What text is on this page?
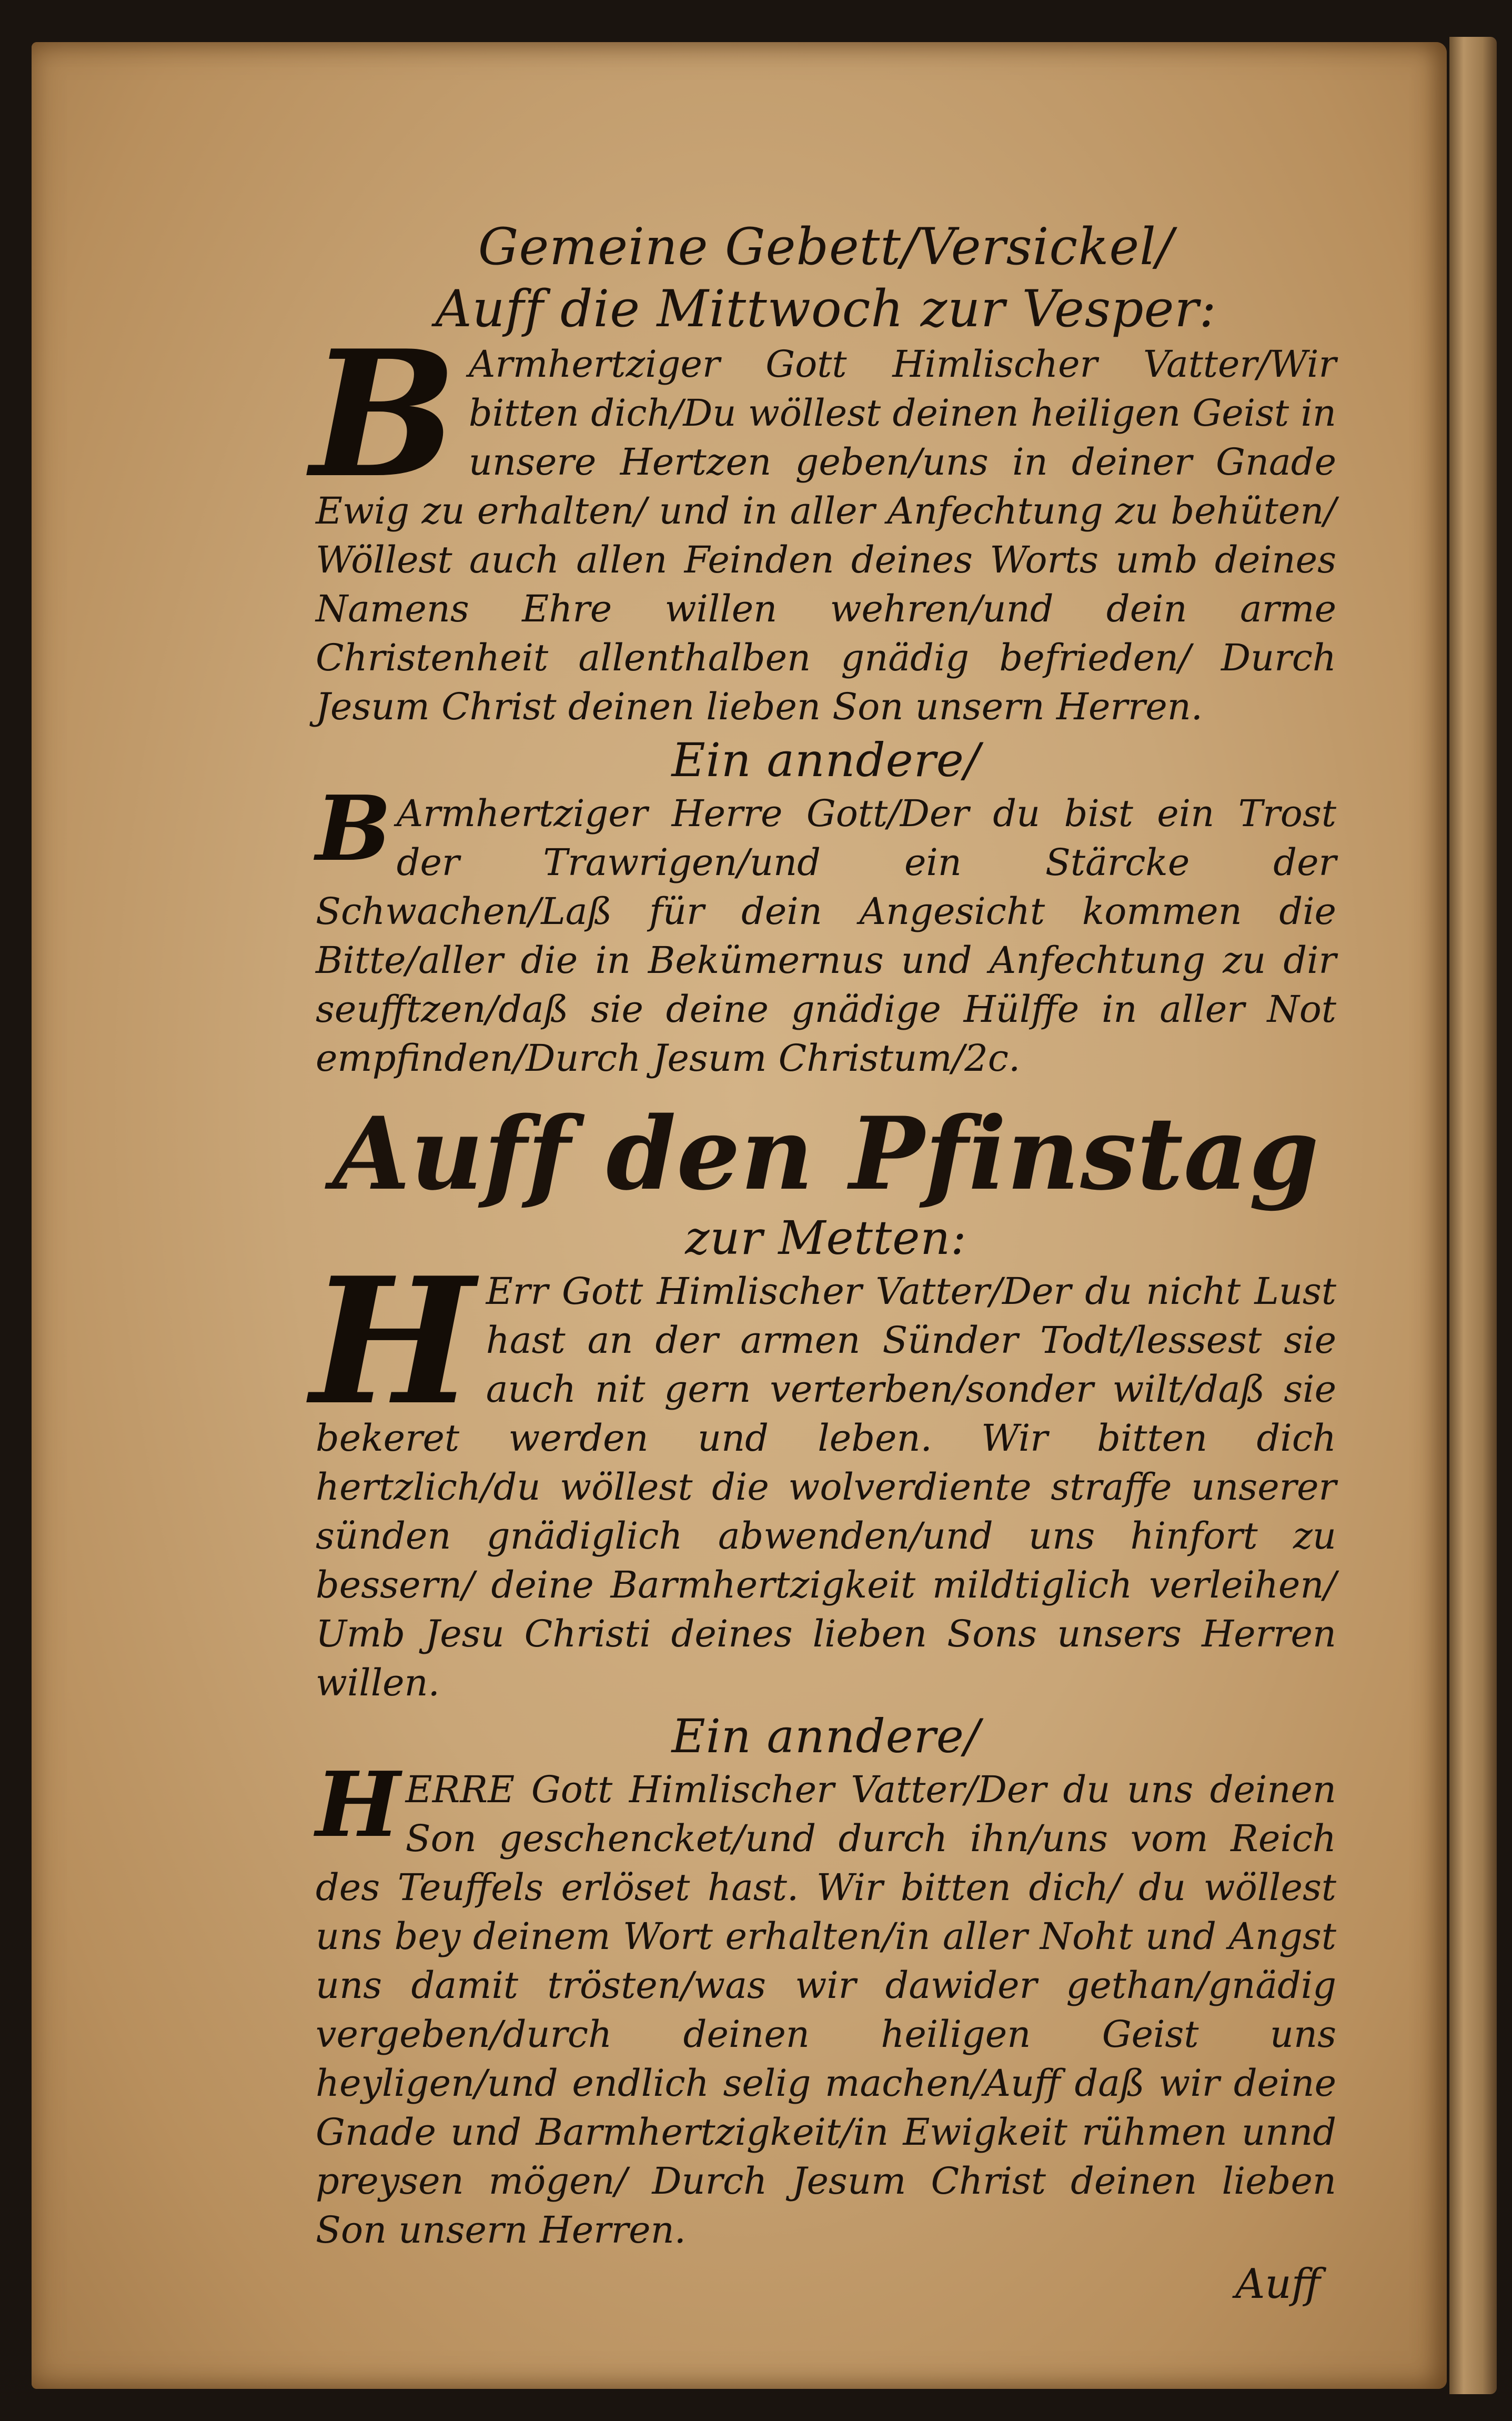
Gemeine Gebett/Versickel/

Auff die Mittwoch zur Vesper:

B Armhertziger Gott Himlischer Vatter/Wir bitten dich/Du wöllest deinen heiligen Geist in unsere Hertzen geben/uns in deiner Gnade Ewig zu erhalten/ und in aller Anfechtung zu behüten/ Wöllest auch allen Feinden deines Worts umb deines Namens Ehre willen wehren/und dein arme Christenheit allenthalben gnädig befrieden/ Durch Jesum Christ deinen lieben Son unsern Herren.

Ein anndere/

B Armhertziger Herre Gott/Der du bist ein Trost der Trawrigen/und ein Stärcke der Schwachen/Laß für dein Angesicht kommen die Bitte/aller die in Bekümernus und Anfechtung zu dir seufftzen/daß sie deine gnädige Hülffe in aller Not empfinden/Durch Jesum Christum/2c.

Auff den Pfinstag

zur Metten:

H Err Gott Himlischer Vatter/Der du nicht Lust hast an der armen Sünder Todt/lessest sie auch nit gern verterben/sonder wilt/daß sie bekeret werden und leben. Wir bitten dich hertzlich/du wöllest die wolverdiente straffe unserer sünden gnädiglich abwenden/und uns hinfort zu bessern/ deine Barmhertzigkeit mildtiglich verleihen/ Umb Jesu Christi deines lieben Sons unsers Herren willen.

Ein anndere/

H ERRE Gott Himlischer Vatter/Der du uns deinen Son geschencket/und durch ihn/uns vom Reich des Teuffels erlöset hast. Wir bitten dich/ du wöllest uns bey deinem Wort erhalten/in aller Noht und Angst uns damit trösten/was wir dawider gethan/gnädig vergeben/durch deinen heiligen Geist uns heyligen/und endlich selig machen/Auff daß wir deine Gnade und Barmhertzigkeit/in Ewigkeit rühmen unnd preysen mögen/ Durch Jesum Christ deinen lieben Son unsern Herren.

Auff
